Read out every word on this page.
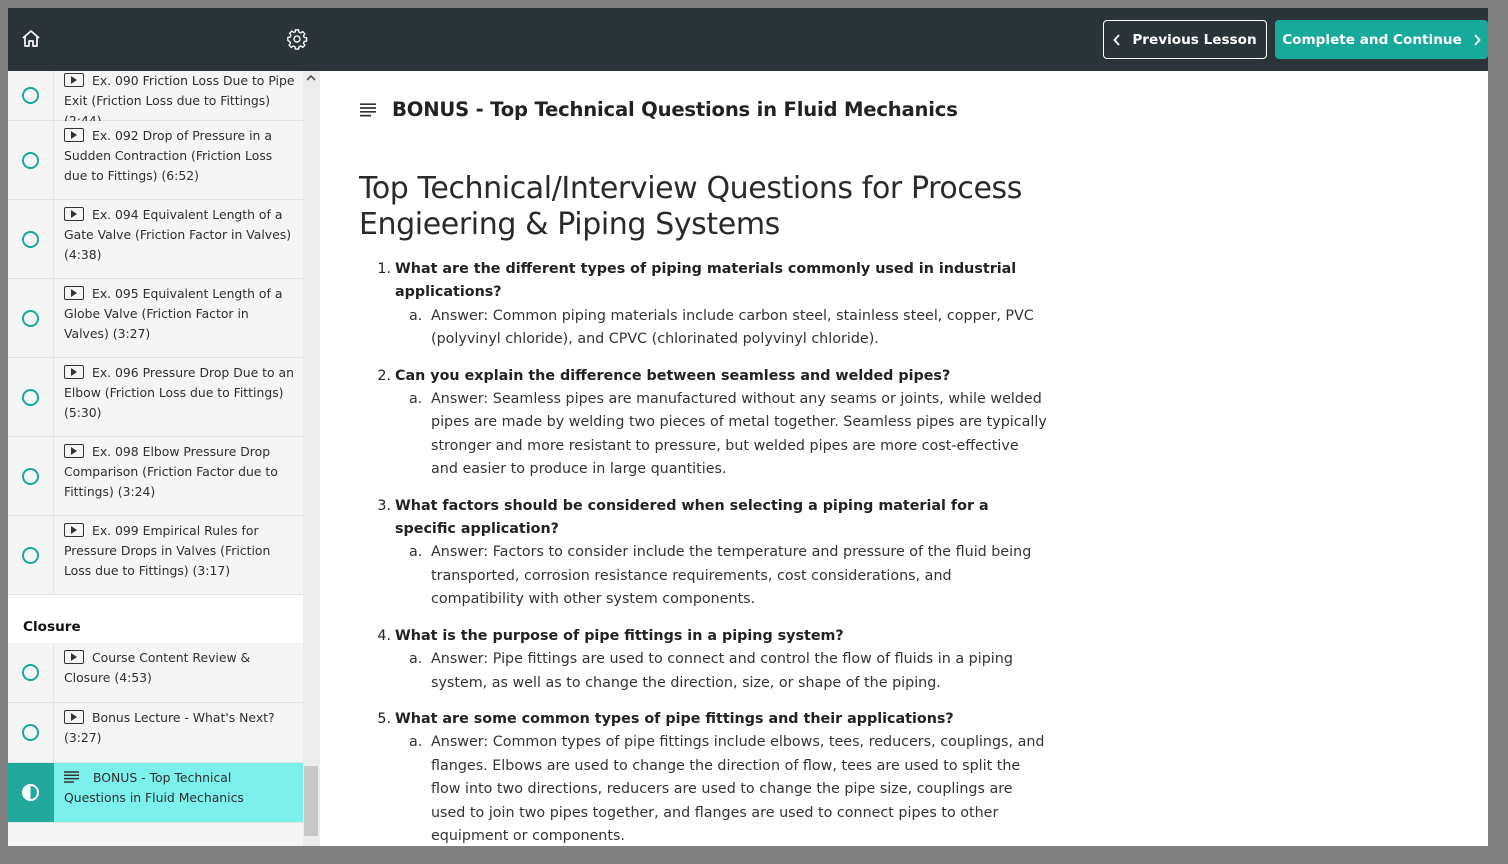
Ex. 090 Friction Loss Due to Pipe Exit (Friction Loss due to Fittings)
Ex. 092 Drop of Pressure in a Sudden Contraction (Friction Loss due to Fittings) (6:52)
Ex. 094 Equivalent Length of a Gate Valve (Friction Factor in Valves) (4:38)
Ex. 095 Equivalent Length of a Globe Valve (Friction Factor in Valves) (3:27)
Ex. 096 Pressure Drop Due to an Elbow (Friction Loss due to Fittings) (5:30)
Ex. 098 Elbow Pressure Drop Comparison (Friction Factor due to Fittings) (3:24)
Ex. 099 Empirical Rules for Pressure Drops in Valves (Friction Loss due to Fittings) (3:17)
Closure
Course Content Review & Closure (4:53)
Bonus Lecture - What's Next? (3:27)
BONUS - Top Technical Questions in Fluid Mechanics
Previous Lesson Complete and Continue
BONUS - Top Technical Questions in Fluid Mechanics
Top Technical/Interview Questions for Process Engieering & Piping Systems
1. What are the different types of piping materials commonly used in industrial applications?
a. Answer: Common piping materials include carbon steel, stainless steel, copper, PVC (polyvinyl chloride), and CPVC (chlorinated polyvinyl chloride).
2. Can you explain the difference between seamless and welded pipes?
a. Answer: Seamless pipes are manufactured without any seams or joints, while welded pipes are made by welding two pieces of metal together. Seamless pipes are typically stronger and more resistant to pressure, but welded pipes are more cost-effective and easier to produce in large quantities.
3. What factors should be considered when selecting a piping material for a specific application?
a. Answer: Factors to consider include the temperature and pressure of the fluid being transported, corrosion resistance requirements, cost considerations, and compatibility with other system components.
4. What is the purpose of pipe fittings in a piping system?
a. Answer: Pipe fittings are used to connect and control the flow of fluids in a piping system, as well as to change the direction, size, or shape of the piping.
5. What are some common types of pipe fittings and their applications?
a. Answer: Common types of pipe fittings include elbows, tees, reducers, couplings, and flanges. Elbows are used to change the direction of flow, tees are used to split the flow into two directions, reducers are used to change the pipe size, couplings are used to join two pipes together, and flanges are used to connect pipes to other equipment or components.
